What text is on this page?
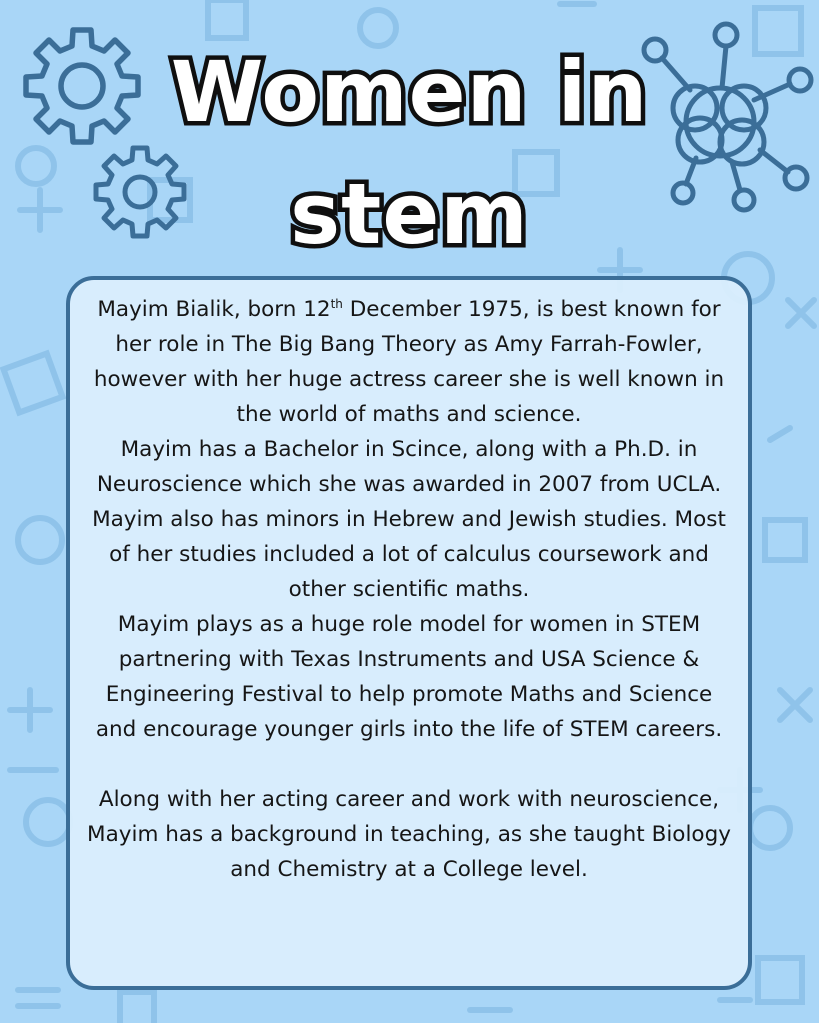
Women in
stem

Mayim Bialik, born 12th December 1975, is best known for her role in The Big Bang Theory as Amy Farrah-Fowler, however with her huge actress career she is well known in the world of maths and science.

Mayim has a Bachelor in Scince, along with a Ph.D. in Neuroscience which she was awarded in 2007 from UCLA. Mayim also has minors in Hebrew and Jewish studies. Most of her studies included a lot of calculus coursework and other scientific maths.

Mayim plays as a huge role model for women in STEM partnering with Texas Instruments and USA Science & Engineering Festival to help promote Maths and Science and encourage younger girls into the life of STEM careers.

Along with her acting career and work with neuroscience, Mayim has a background in teaching, as she taught Biology and Chemistry at a College level.
